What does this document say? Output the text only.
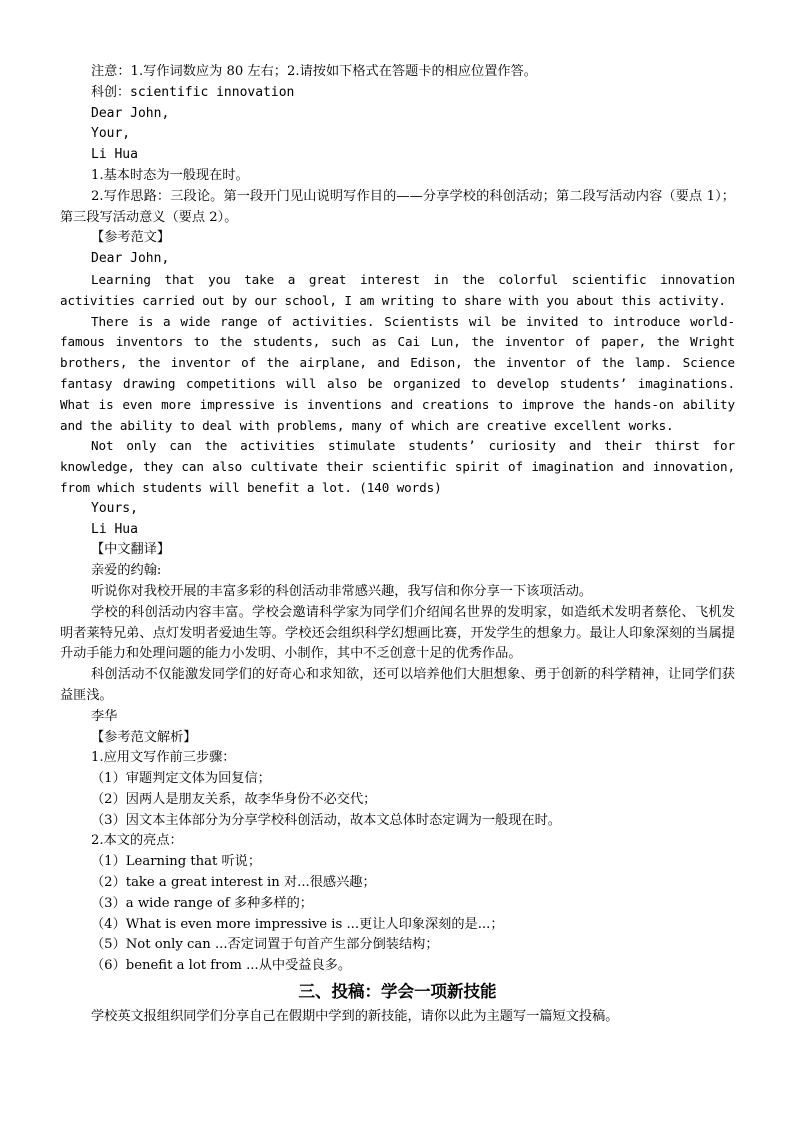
注意：1.写作词数应为 80 左右；2.请按如下格式在答题卡的相应位置作答。
科创：scientific innovation
Dear John,
Your,
Li Hua
1.基本时态为一般现在时。
2.写作思路：三段论。第一段开门见山说明写作目的——分享学校的科创活动；第二段写活动内容（要点 1）；第三段写活动意义（要点 2）。
【参考范文】
Dear John,
Learning that you take a great interest in the colorful scientific innovation activities carried out by our school, I am writing to share with you about this activity.
There is a wide range of activities. Scientists wil be invited to introduce world-famous inventors to the students, such as Cai Lun, the inventor of paper, the Wright brothers, the inventor of the airplane, and Edison, the inventor of the lamp. Science fantasy drawing competitions will also be organized to develop students’ imaginations. What is even more impressive is inventions and creations to improve the hands-on ability and the ability to deal with problems, many of which are creative excellent works.
Not only can the activities stimulate students’ curiosity and their thirst for knowledge, they can also cultivate their scientific spirit of imagination and innovation, from which students will benefit a lot. (140 words)
Yours,
Li Hua
【中文翻译】
亲爱的约翰:
听说你对我校开展的丰富多彩的科创活动非常感兴趣，我写信和你分享一下该项活动。
学校的科创活动内容丰富。学校会邀请科学家为同学们介绍闻名世界的发明家，如造纸术发明者蔡伦、飞机发明者莱特兄弟、点灯发明者爱迪生等。学校还会组织科学幻想画比赛，开发学生的想象力。最让人印象深刻的当属提升动手能力和处理问题的能力小发明、小制作，其中不乏创意十足的优秀作品。
科创活动不仅能激发同学们的好奇心和求知欲，还可以培养他们大胆想象、勇于创新的科学精神，让同学们获益匪浅。
李华
【参考范文解析】
1.应用文写作前三步骤：
（1）审题判定文体为回复信；
（2）因两人是朋友关系，故李华身份不必交代；
（3）因文本主体部分为分享学校科创活动，故本文总体时态定调为一般现在时。
2.本文的亮点：
（1）Learning that 听说；
（2）take a great interest in 对...很感兴趣；
（3）a wide range of 多种多样的；
（4）What is even more impressive is ...更让人印象深刻的是...；
（5）Not only can ...否定词置于句首产生部分倒装结构；
（6）benefit a lot from ...从中受益良多。
三、投稿：学会一项新技能
学校英文报组织同学们分享自己在假期中学到的新技能，请你以此为主题写一篇短文投稿。
